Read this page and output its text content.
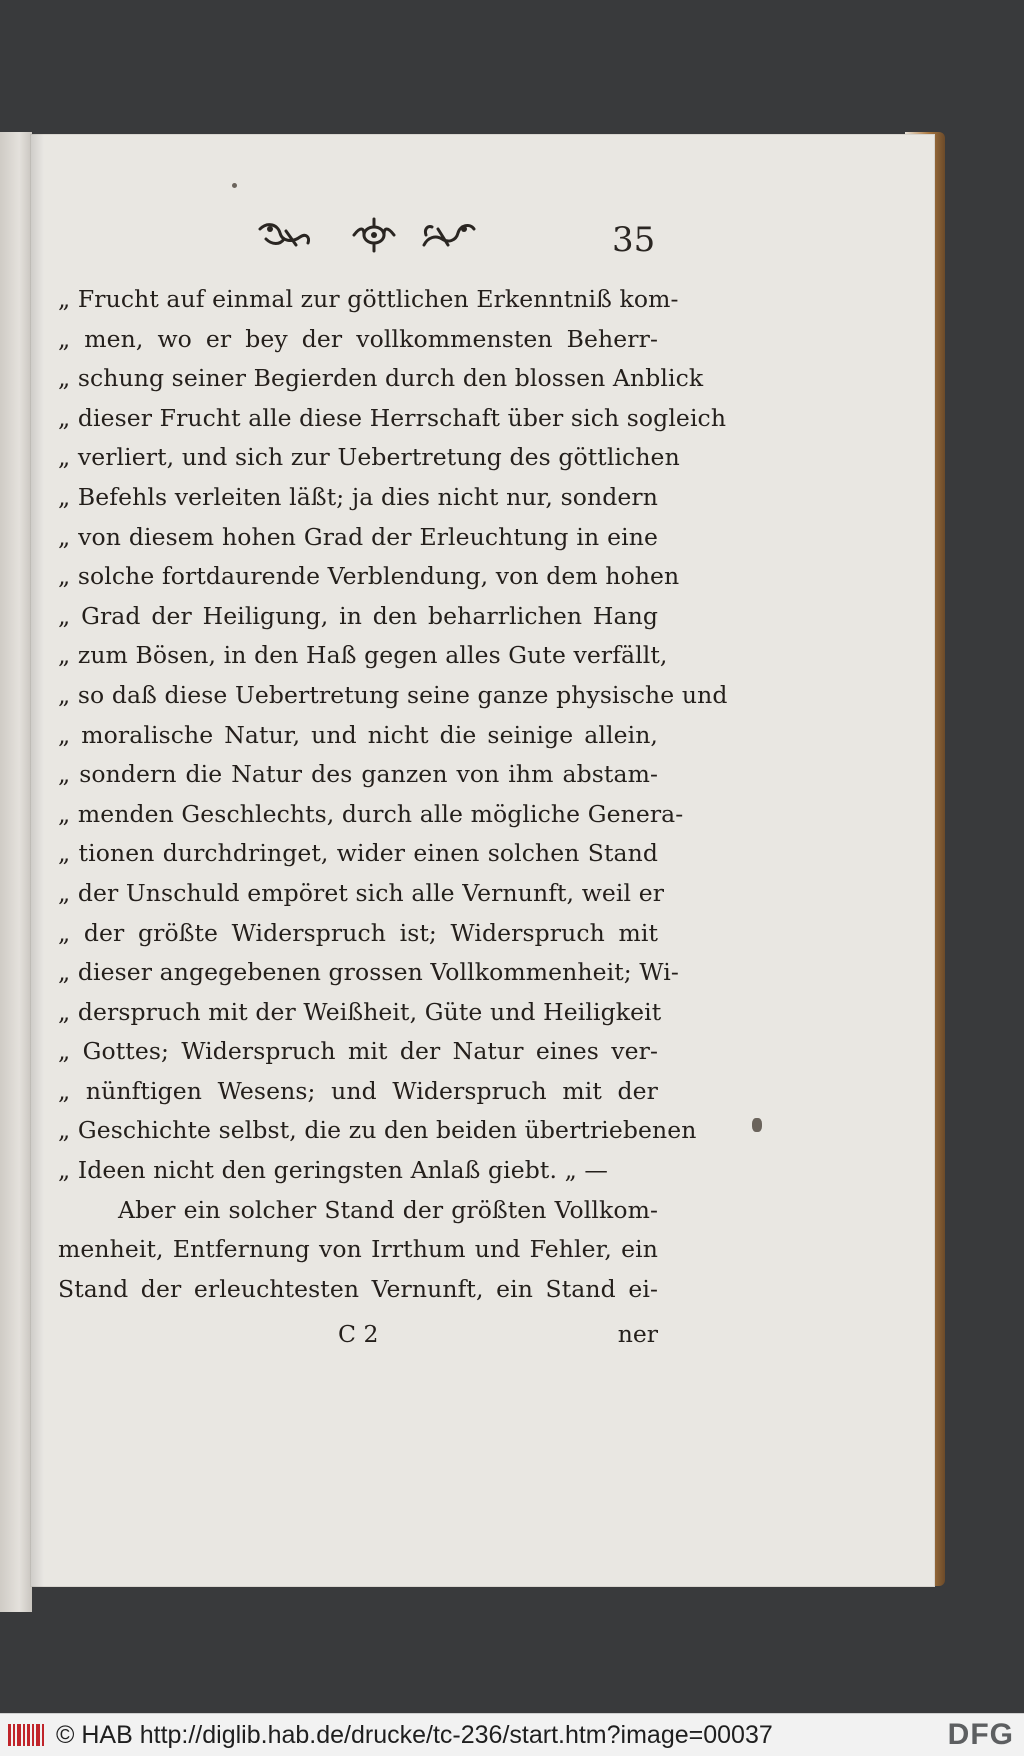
35
„ Frucht auf einmal zur göttlichen Erkenntniß kom-
„ men, wo er bey der vollkommensten Beherr-
„ schung seiner Begierden durch den blossen Anblick
„ dieser Frucht alle diese Herrschaft über sich sogleich
„ verliert, und sich zur Uebertretung des göttlichen
„ Befehls verleiten läßt; ja dies nicht nur, sondern
„ von diesem hohen Grad der Erleuchtung in eine
„ solche fortdaurende Verblendung, von dem hohen
„ Grad der Heiligung, in den beharrlichen Hang
„ zum Bösen, in den Haß gegen alles Gute verfällt,
„ so daß diese Uebertretung seine ganze physische und
„ moralische Natur, und nicht die seinige allein,
„ sondern die Natur des ganzen von ihm abstam-
„ menden Geschlechts, durch alle mögliche Genera-
„ tionen durchdringet, wider einen solchen Stand
„ der Unschuld empöret sich alle Vernunft, weil er
„ der größte Widerspruch ist; Widerspruch mit
„ dieser angegebenen grossen Vollkommenheit; Wi-
„ derspruch mit der Weißheit, Güte und Heiligkeit
„ Gottes; Widerspruch mit der Natur eines ver-
„ nünftigen Wesens; und Widerspruch mit der
„ Geschichte selbst, die zu den beiden übertriebenen
„ Ideen nicht den geringsten Anlaß giebt. „ —
Aber ein solcher Stand der größten Vollkom-
menheit, Entfernung von Irrthum und Fehler, ein
Stand der erleuchtesten Vernunft, ein Stand ei-
C 2	ner
© HAB http://diglib.hab.de/drucke/tc-236/start.htm?image=00037	DFG
